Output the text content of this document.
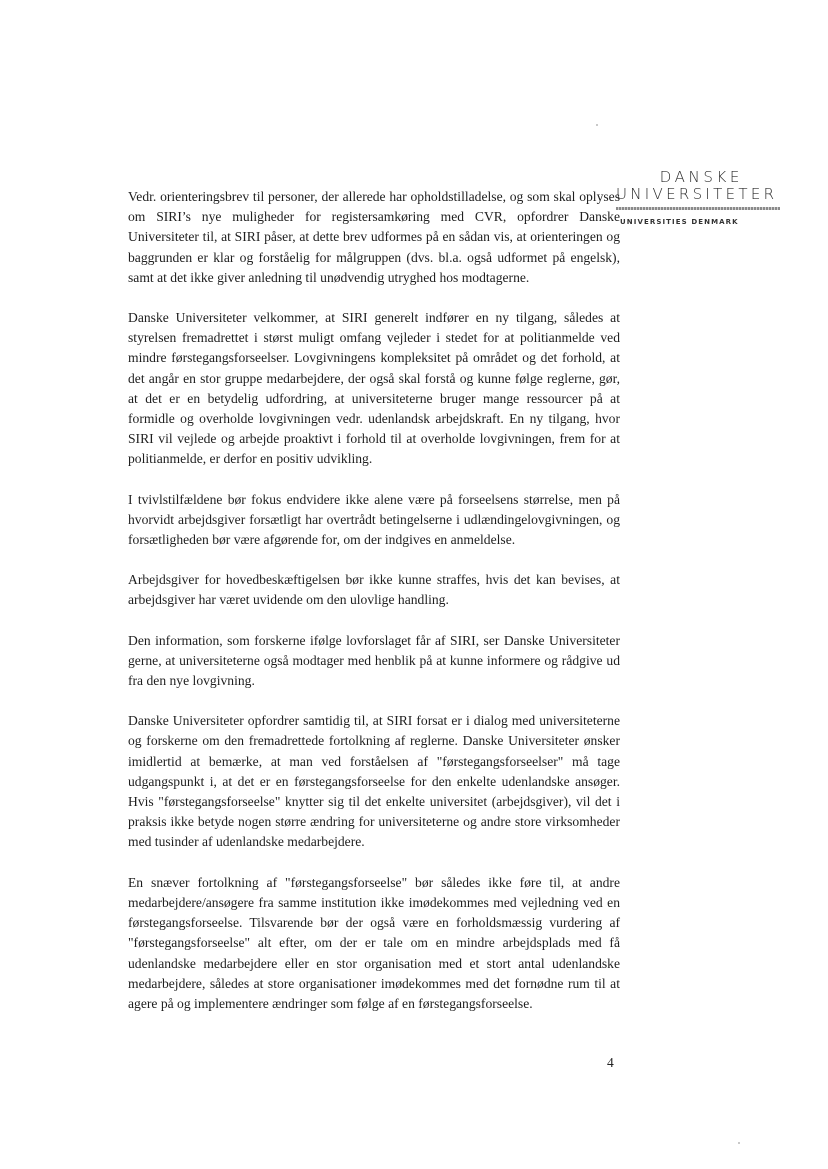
DANSKE
UNIVERSITETER
UNIVERSITIES DENMARK

Vedr. orienteringsbrev til personer, der allerede har opholdstilladelse, og som skal oplyses om SIRI’s nye muligheder for registersamkøring med CVR, opfordrer Danske Universiteter til, at SIRI påser, at dette brev udformes på en sådan vis, at orienteringen og baggrunden er klar og forståelig for målgruppen (dvs. bl.a. også udformet på engelsk), samt at det ikke giver anledning til unødvendig utryghed hos modtagerne.

Danske Universiteter velkommer, at SIRI generelt indfører en ny tilgang, således at styrelsen fremadrettet i størst muligt omfang vejleder i stedet for at politianmelde ved mindre førstegangsforseelser. Lovgivningens kompleksitet på området og det forhold, at det angår en stor gruppe medarbejdere, der også skal forstå og kunne følge reglerne, gør, at det er en betydelig udfordring, at universiteterne bruger mange ressourcer på at formidle og overholde lovgivningen vedr. udenlandsk arbejdskraft. En ny tilgang, hvor SIRI vil vejlede og arbejde proaktivt i forhold til at overholde lovgivningen, frem for at politianmelde, er derfor en positiv udvikling.

I tvivlstilfældene bør fokus endvidere ikke alene være på forseelsens størrelse, men på hvorvidt arbejdsgiver forsætligt har overtrådt betingelserne i udlændingelovgivningen, og forsætligheden bør være afgørende for, om der indgives en anmeldelse.

Arbejdsgiver for hovedbeskæftigelsen bør ikke kunne straffes, hvis det kan bevises, at arbejdsgiver har været uvidende om den ulovlige handling.

Den information, som forskerne ifølge lovforslaget får af SIRI, ser Danske Universiteter gerne, at universiteterne også modtager med henblik på at kunne informere og rådgive ud fra den nye lovgivning.

Danske Universiteter opfordrer samtidig til, at SIRI forsat er i dialog med universiteterne og forskerne om den fremadrettede fortolkning af reglerne. Danske Universiteter ønsker imidlertid at bemærke, at man ved forståelsen af "førstegangsforseelser" må tage udgangspunkt i, at det er en førstegangsforseelse for den enkelte udenlandske ansøger. Hvis "førstegangsforseelse" knytter sig til det enkelte universitet (arbejdsgiver), vil det i praksis ikke betyde nogen større ændring for universiteterne og andre store virksomheder med tusinder af udenlandske medarbejdere.

En snæver fortolkning af "førstegangsforseelse" bør således ikke føre til, at andre medarbejdere/ansøgere fra samme institution ikke imødekommes med vejledning ved en førstegangsforseelse. Tilsvarende bør der også være en forholdsmæssig vurdering af "førstegangsforseelse" alt efter, om der er tale om en mindre arbejdsplads med få udenlandske medarbejdere eller en stor organisation med et stort antal udenlandske medarbejdere, således at store organisationer imødekommes med det fornødne rum til at agere på og implementere ændringer som følge af en førstegangsforseelse.

4
